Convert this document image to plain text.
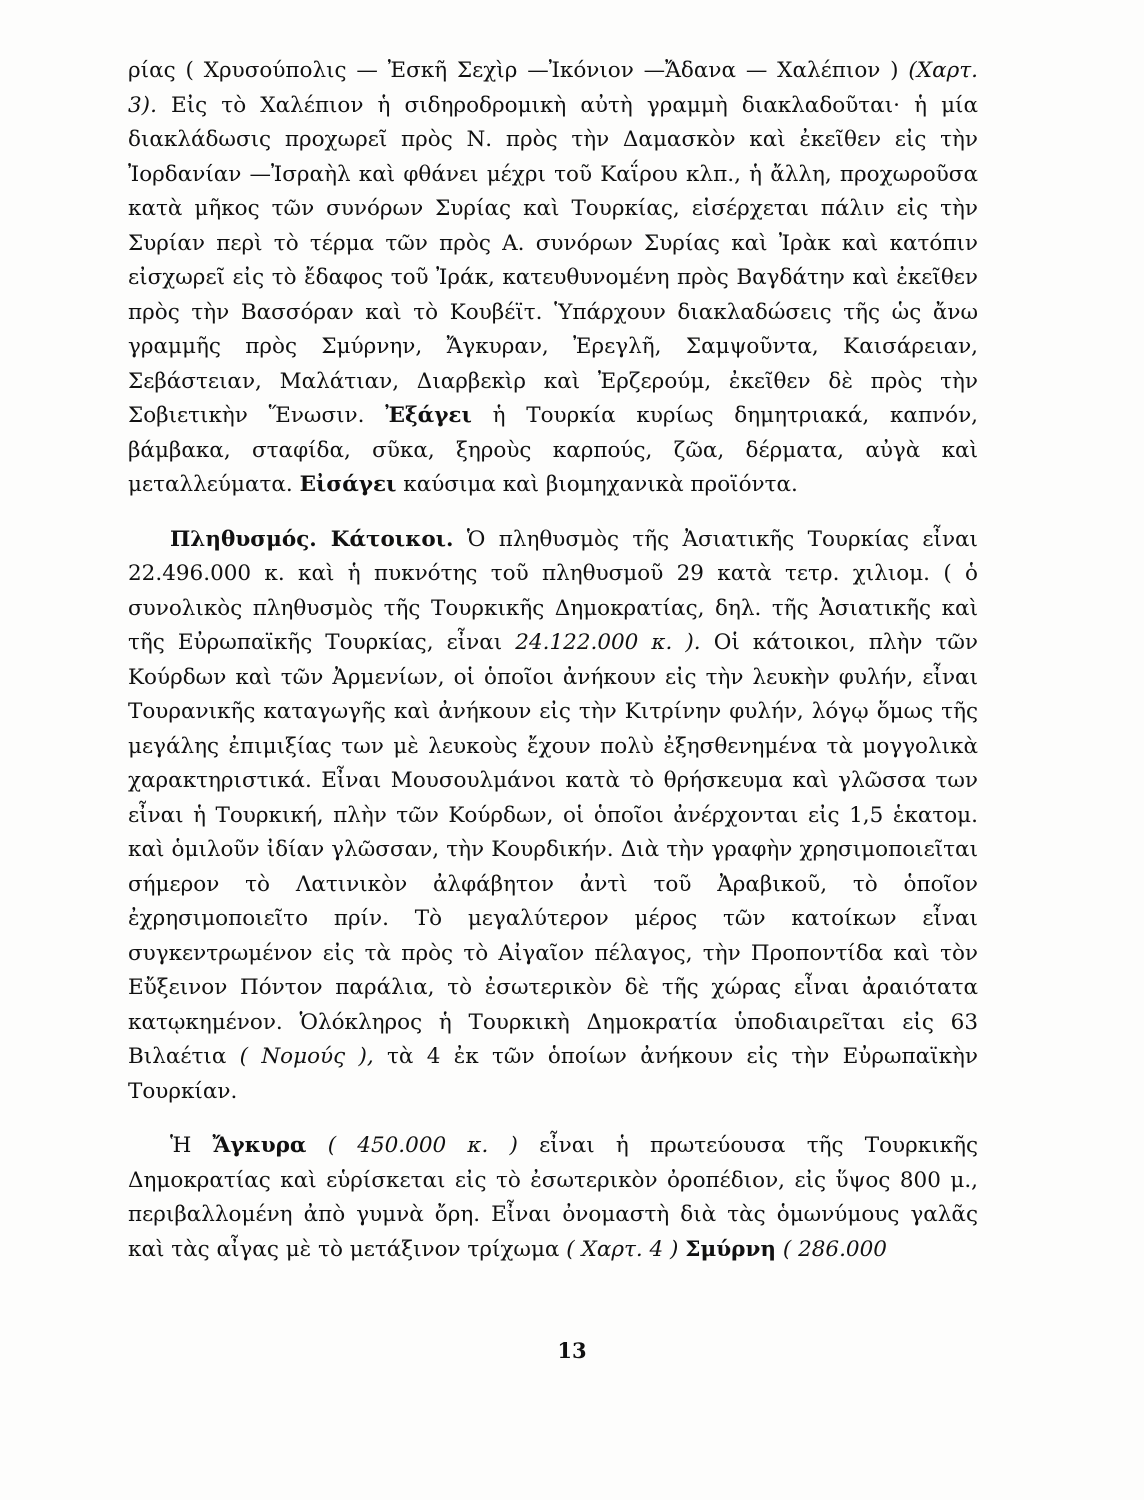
ρίας ( Χρυσούπολις — Ἐσκῆ Σεχὶρ —Ἰκόνιον —Ἄδανα — Χαλέπιον ) (Χαρτ. 3). Εἰς τὸ Χαλέπιον ἡ σιδηροδρομικὴ αὐτὴ γραμμὴ διακλαδοῦται· ἡ μία διακλάδωσις προχωρεῖ πρὸς Ν. πρὸς τὴν Δαμασκὸν καὶ ἐκεῖθεν εἰς τὴν Ἰορδανίαν —Ἰσραὴλ καὶ φθάνει μέχρι τοῦ Καΐρου κλπ., ἡ ἄλλη, προχωροῦσα κατὰ μῆκος τῶν συνόρων Συρίας καὶ Τουρκίας, εἰσέρχεται πάλιν εἰς τὴν Συρίαν περὶ τὸ τέρμα τῶν πρὸς Α. συνόρων Συρίας καὶ Ἰρὰκ καὶ κατόπιν εἰσχωρεῖ εἰς τὸ ἔδαφος τοῦ Ἰράκ, κατευθυνομένη πρὸς Βαγδάτην καὶ ἐκεῖθεν πρὸς τὴν Βασσόραν καὶ τὸ Κουβέϊτ. Ὑπάρχουν διακλαδώσεις τῆς ὡς ἄνω γραμμῆς πρὸς Σμύρνην, Ἄγκυραν, Ἐρεγλῆ, Σαμψοῦντα, Καισάρειαν, Σεβάστειαν, Μαλάτιαν, Διαρβεκὶρ καὶ Ἐρζερούμ, ἐκεῖθεν δὲ πρὸς τὴν Σοβιετικὴν Ἕνωσιν. Ἐξάγει ἡ Τουρκία κυρίως δημητριακά, καπνόν, βάμβακα, σταφίδα, σῦκα, ξηροὺς καρπούς, ζῶα, δέρματα, αὐγὰ καὶ μεταλλεύματα. Εἰσάγει καύσιμα καὶ βιομηχανικὰ προϊόντα.

Πληθυσμός. Κάτοικοι. Ὁ πληθυσμὸς τῆς Ἀσιατικῆς Τουρκίας εἶναι 22.496.000 κ. καὶ ἡ πυκνότης τοῦ πληθυσμοῦ 29 κατὰ τετρ. χιλιομ. ( ὁ συνολικὸς πληθυσμὸς τῆς Τουρκικῆς Δημοκρατίας, δηλ. τῆς Ἀσιατικῆς καὶ τῆς Εὐρωπαϊκῆς Τουρκίας, εἶναι 24.122.000 κ. ). Οἱ κάτοικοι, πλὴν τῶν Κούρδων καὶ τῶν Ἀρμενίων, οἱ ὁποῖοι ἀνήκουν εἰς τὴν λευκὴν φυλήν, εἶναι Τουρανικῆς καταγωγῆς καὶ ἀνήκουν εἰς τὴν Κιτρίνην φυλήν, λόγῳ ὅμως τῆς μεγάλης ἐπιμιξίας των μὲ λευκοὺς ἔχουν πολὺ ἐξησθενημένα τὰ μογγολικὰ χαρακτηριστικά. Εἶναι Μουσουλμάνοι κατὰ τὸ θρήσκευμα καὶ γλῶσσα των εἶναι ἡ Τουρκική, πλὴν τῶν Κούρδων, οἱ ὁποῖοι ἀνέρχονται εἰς 1,5 ἑκατομ. καὶ ὁμιλοῦν ἰδίαν γλῶσσαν, τὴν Κουρδικήν. Διὰ τὴν γραφὴν χρησιμοποιεῖται σήμερον τὸ Λατινικὸν ἀλφάβητον ἀντὶ τοῦ Ἀραβικοῦ, τὸ ὁποῖον ἐχρησιμοποιεῖτο πρίν. Τὸ μεγαλύτερον μέρος τῶν κατοίκων εἶναι συγκεντρωμένον εἰς τὰ πρὸς τὸ Αἰγαῖον πέλαγος, τὴν Προποντίδα καὶ τὸν Εὔξεινον Πόντον παράλια, τὸ ἐσωτερικὸν δὲ τῆς χώρας εἶναι ἀραιότατα κατῳκημένον. Ὁλόκληρος ἡ Τουρκικὴ Δημοκρατία ὑποδιαιρεῖται εἰς 63 Βιλαέτια ( Νομούς ), τὰ 4 ἐκ τῶν ὁποίων ἀνήκουν εἰς τὴν Εὐρωπαϊκὴν Τουρκίαν.

Ἡ Ἄγκυρα ( 450.000 κ. ) εἶναι ἡ πρωτεύουσα τῆς Τουρκικῆς Δημοκρατίας καὶ εὑρίσκεται εἰς τὸ ἐσωτερικὸν ὀροπέδιον, εἰς ὕψος 800 μ., περιβαλλομένη ἀπὸ γυμνὰ ὄρη. Εἶναι ὀνομαστὴ διὰ τὰς ὁμωνύμους γαλᾶς καὶ τὰς αἶγας μὲ τὸ μετάξινον τρίχωμα ( Χαρτ. 4 ) Σμύρνη ( 286.000

13
